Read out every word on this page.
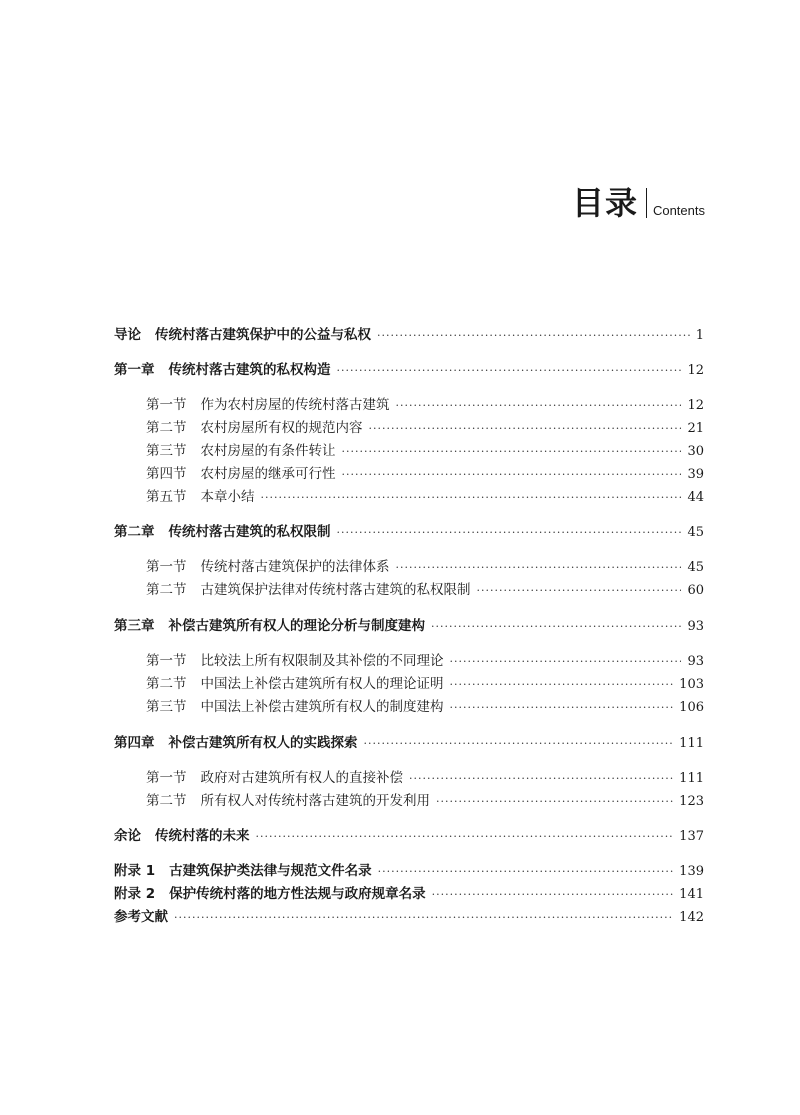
目录 Contents
导论 传统村落古建筑保护中的公益与私权 ·····	1
第一章 传统村落古建筑的私权构造 ·····	12
第一节 作为农村房屋的传统村落古建筑 ·····	12
第二节 农村房屋所有权的规范内容 ·····	21
第三节 农村房屋的有条件转让 ·····	30
第四节 农村房屋的继承可行性 ·····	39
第五节 本章小结 ·····	44
第二章 传统村落古建筑的私权限制 ·····	45
第一节 传统村落古建筑保护的法律体系 ·····	45
第二节 古建筑保护法律对传统村落古建筑的私权限制 ·····	60
第三章 补偿古建筑所有权人的理论分析与制度建构 ·····	93
第一节 比较法上所有权限制及其补偿的不同理论 ·····	93
第二节 中国法上补偿古建筑所有权人的理论证明 ·····	103
第三节 中国法上补偿古建筑所有权人的制度建构 ·····	106
第四章 补偿古建筑所有权人的实践探索 ·····	111
第一节 政府对古建筑所有权人的直接补偿 ·····	111
第二节 所有权人对传统村落古建筑的开发利用 ·····	123
余论 传统村落的未来 ·····	137
附录 1 古建筑保护类法律与规范文件名录 ·····	139
附录 2 保护传统村落的地方性法规与政府规章名录 ·····	141
参考文献 ·····	142
